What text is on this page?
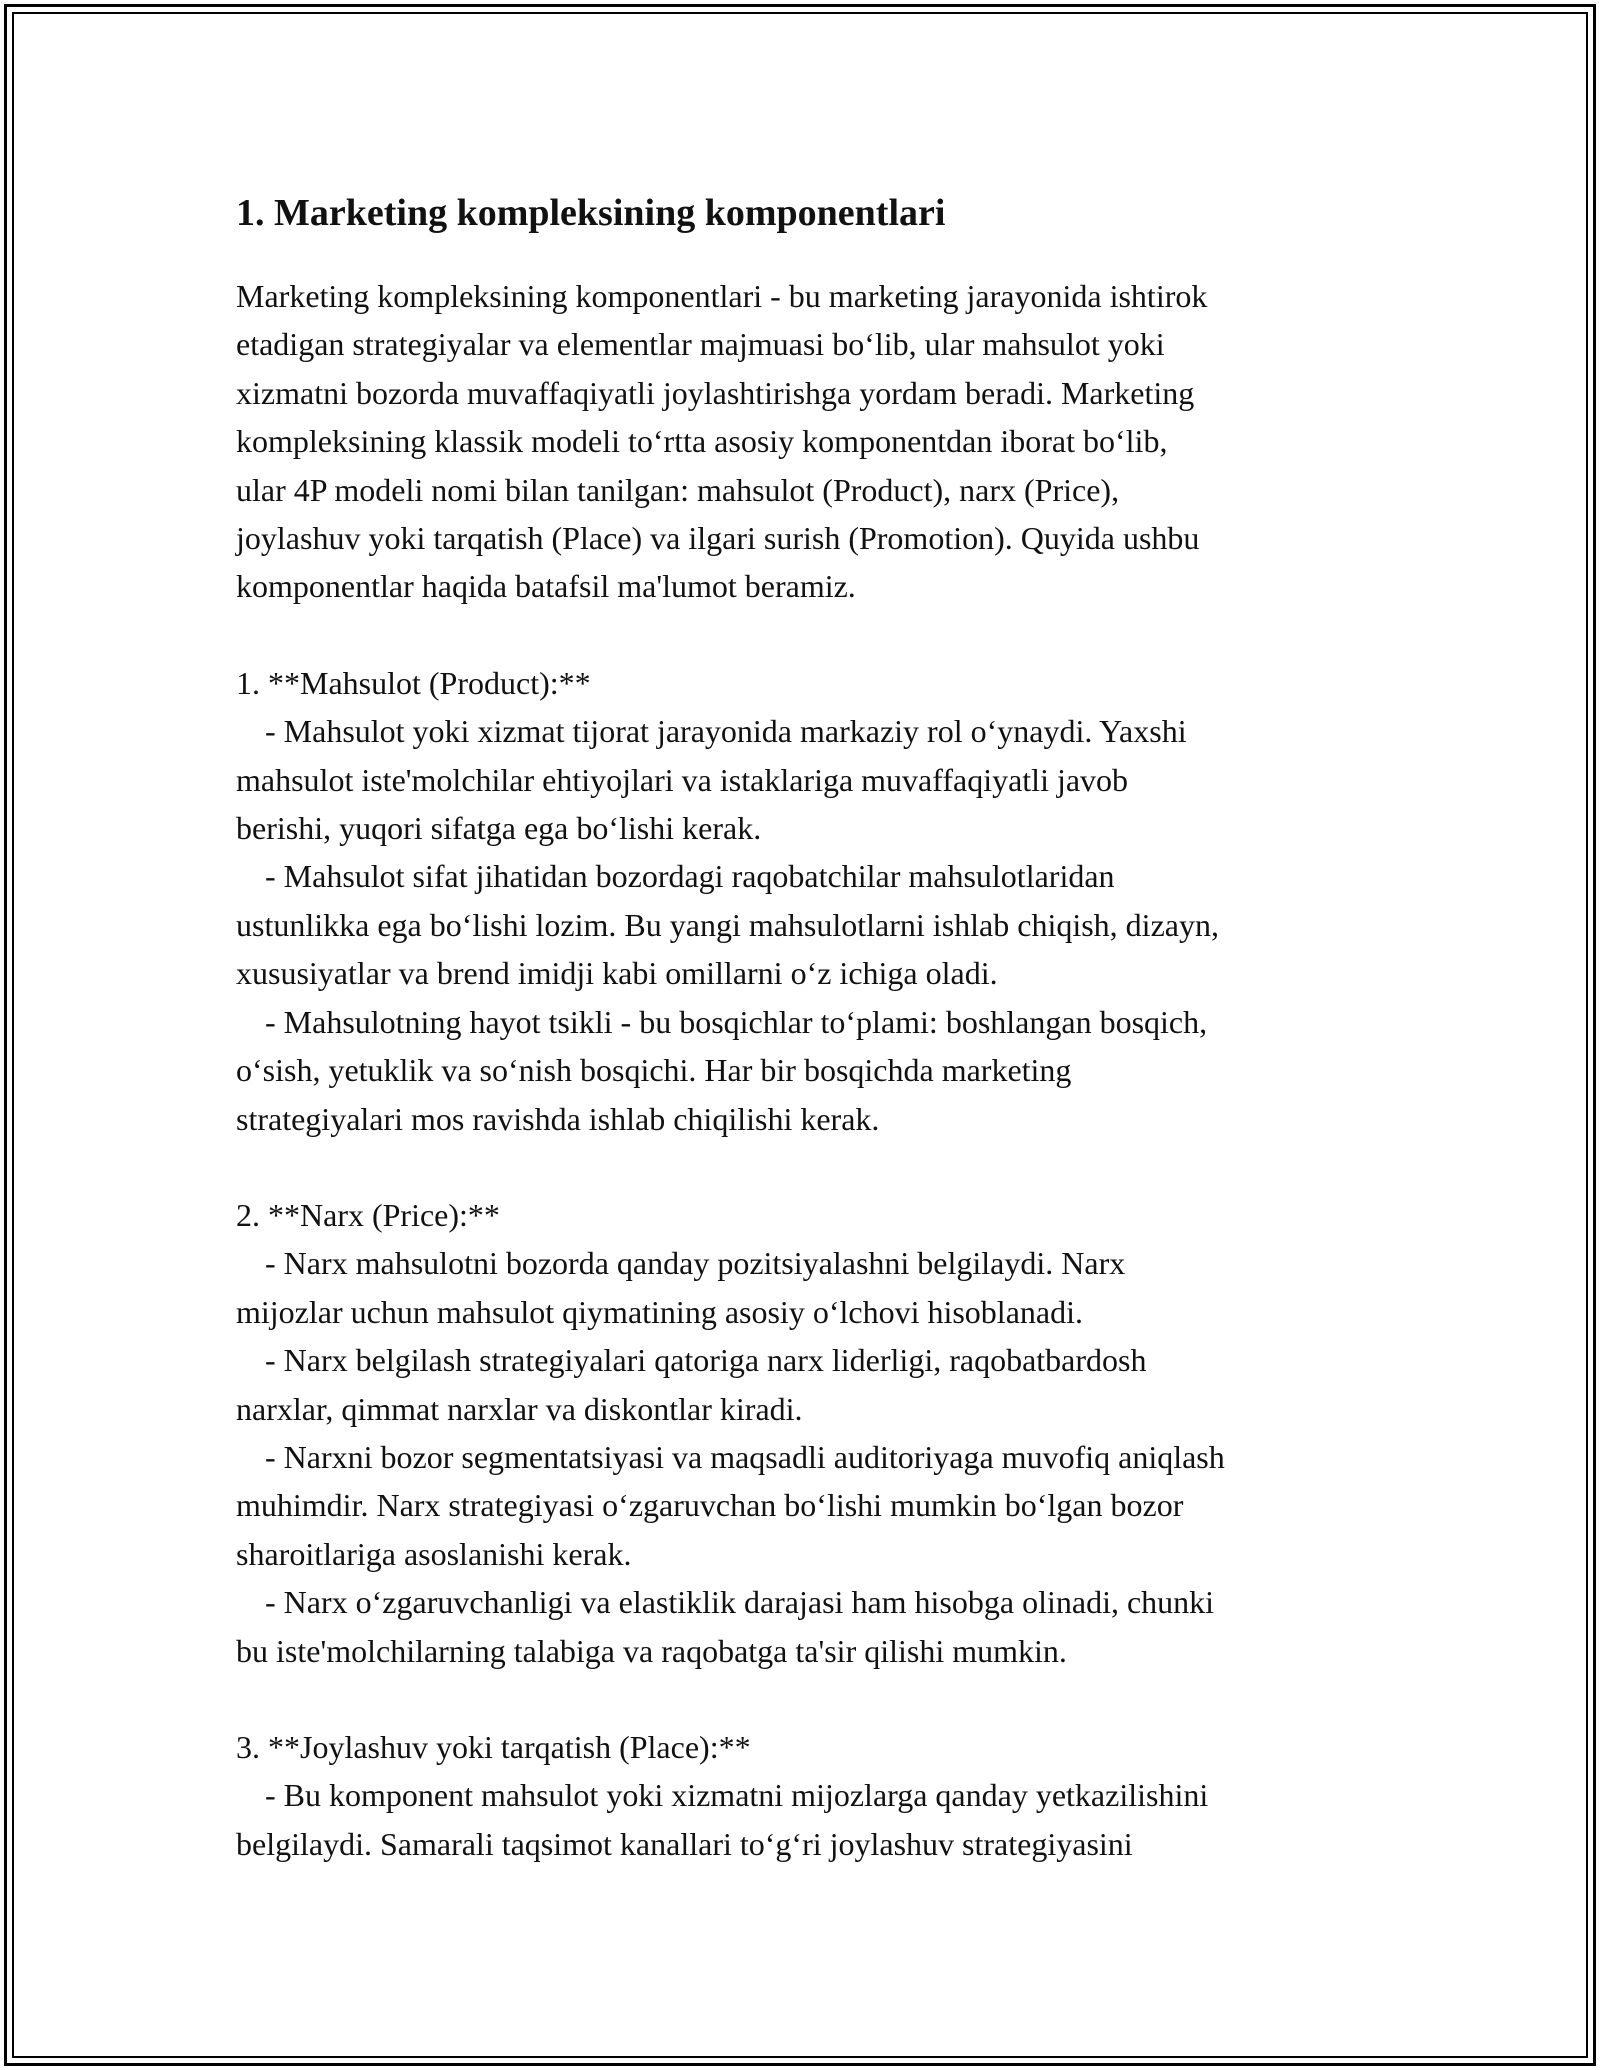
1. Marketing kompleksining komponentlari
Marketing kompleksining komponentlari - bu marketing jarayonida ishtirok
etadigan strategiyalar va elementlar majmuasi bo‘lib, ular mahsulot yoki
xizmatni bozorda muvaffaqiyatli joylashtirishga yordam beradi. Marketing
kompleksining klassik modeli to‘rtta asosiy komponentdan iborat bo‘lib,
ular 4P modeli nomi bilan tanilgan: mahsulot (Product), narx (Price),
joylashuv yoki tarqatish (Place) va ilgari surish (Promotion). Quyida ushbu
komponentlar haqida batafsil ma'lumot beramiz.
1. **Mahsulot (Product):**
- Mahsulot yoki xizmat tijorat jarayonida markaziy rol o‘ynaydi. Yaxshi
mahsulot iste'molchilar ehtiyojlari va istaklariga muvaffaqiyatli javob
berishi, yuqori sifatga ega bo‘lishi kerak.
- Mahsulot sifat jihatidan bozordagi raqobatchilar mahsulotlaridan
ustunlikka ega bo‘lishi lozim. Bu yangi mahsulotlarni ishlab chiqish, dizayn,
xususiyatlar va brend imidji kabi omillarni o‘z ichiga oladi.
- Mahsulotning hayot tsikli - bu bosqichlar to‘plami: boshlangan bosqich,
o‘sish, yetuklik va so‘nish bosqichi. Har bir bosqichda marketing
strategiyalari mos ravishda ishlab chiqilishi kerak.
2. **Narx (Price):**
- Narx mahsulotni bozorda qanday pozitsiyalashni belgilaydi. Narx
mijozlar uchun mahsulot qiymatining asosiy o‘lchovi hisoblanadi.
- Narx belgilash strategiyalari qatoriga narx liderligi, raqobatbardosh
narxlar, qimmat narxlar va diskontlar kiradi.
- Narxni bozor segmentatsiyasi va maqsadli auditoriyaga muvofiq aniqlash
muhimdir. Narx strategiyasi o‘zgaruvchan bo‘lishi mumkin bo‘lgan bozor
sharoitlariga asoslanishi kerak.
- Narx o‘zgaruvchanligi va elastiklik darajasi ham hisobga olinadi, chunki
bu iste'molchilarning talabiga va raqobatga ta'sir qilishi mumkin.
3. **Joylashuv yoki tarqatish (Place):**
- Bu komponent mahsulot yoki xizmatni mijozlarga qanday yetkazilishini
belgilaydi. Samarali taqsimot kanallari to‘g‘ri joylashuv strategiyasini
